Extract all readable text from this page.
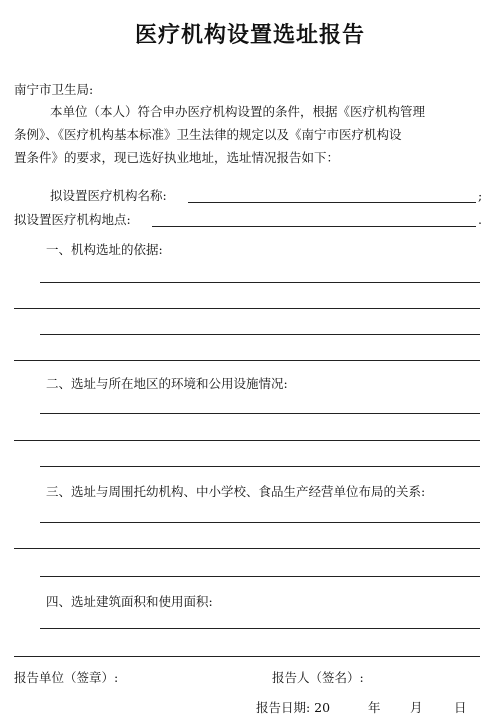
医疗机构设置选址报告
南宁市卫生局:
本单位（本人）符合申办医疗机构设置的条件，根据《医疗机构管理
条例》、《医疗机构基本标准》卫生法律的规定以及《南宁市医疗机构设
置条件》的要求，现已选好执业地址，选址情况报告如下：
拟设置医疗机构名称:	;
拟设置医疗机构地点:	.
一、机构选址的依据:
二、选址与所在地区的环境和公用设施情况:
三、选址与周围托幼机构、中小学校、食品生产经营单位布局的关系:
四、选址建筑面积和使用面积:
报告单位（签章）:	报告人（签名）:
报告日期: 20	年 月	日
